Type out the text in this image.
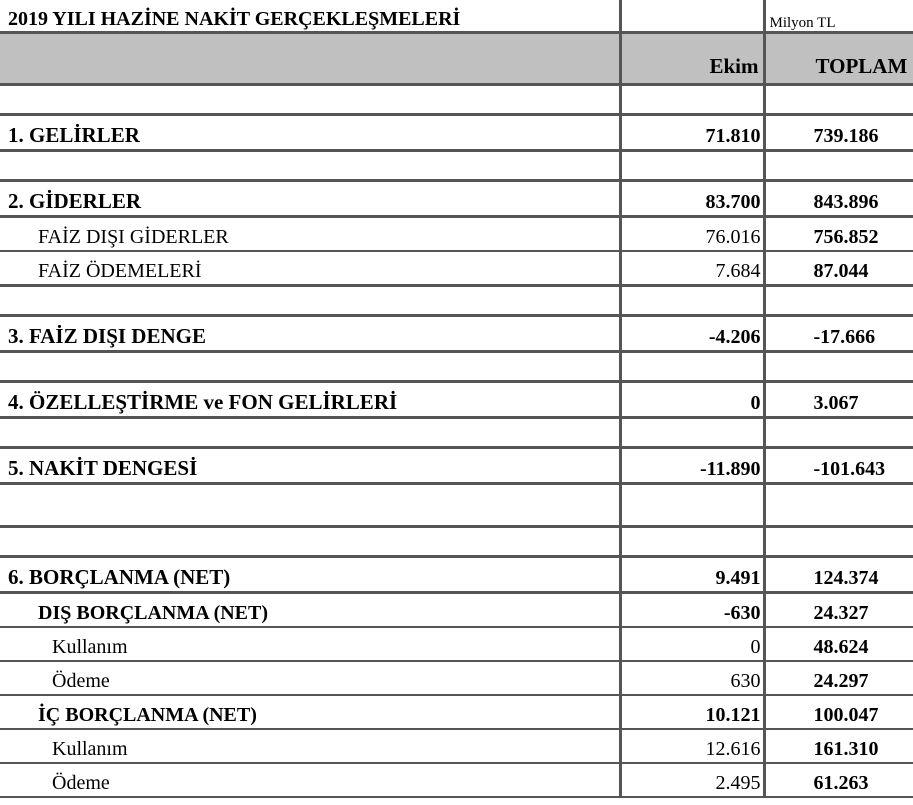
2019 YILI HAZİNE NAKİT GERÇEKLEŞMELERİ		Milyon TL
	Ekim	TOPLAM

1. GELİRLER	71.810	739.186

2. GİDERLER	83.700	843.896
FAİZ DIŞI GİDERLER	76.016	756.852
FAİZ ÖDEMELERİ	7.684	87.044

3. FAİZ DIŞI DENGE	-4.206	-17.666

4. ÖZELLEŞTİRME ve FON GELİRLERİ	0	3.067

5. NAKİT DENGESİ	-11.890	-101.643

6. BORÇLANMA (NET)	9.491	124.374
DIŞ BORÇLANMA (NET)	-630	24.327
Kullanım	0	48.624
Ödeme	630	24.297
İÇ BORÇLANMA (NET)	10.121	100.047
Kullanım	12.616	161.310
Ödeme	2.495	61.263
